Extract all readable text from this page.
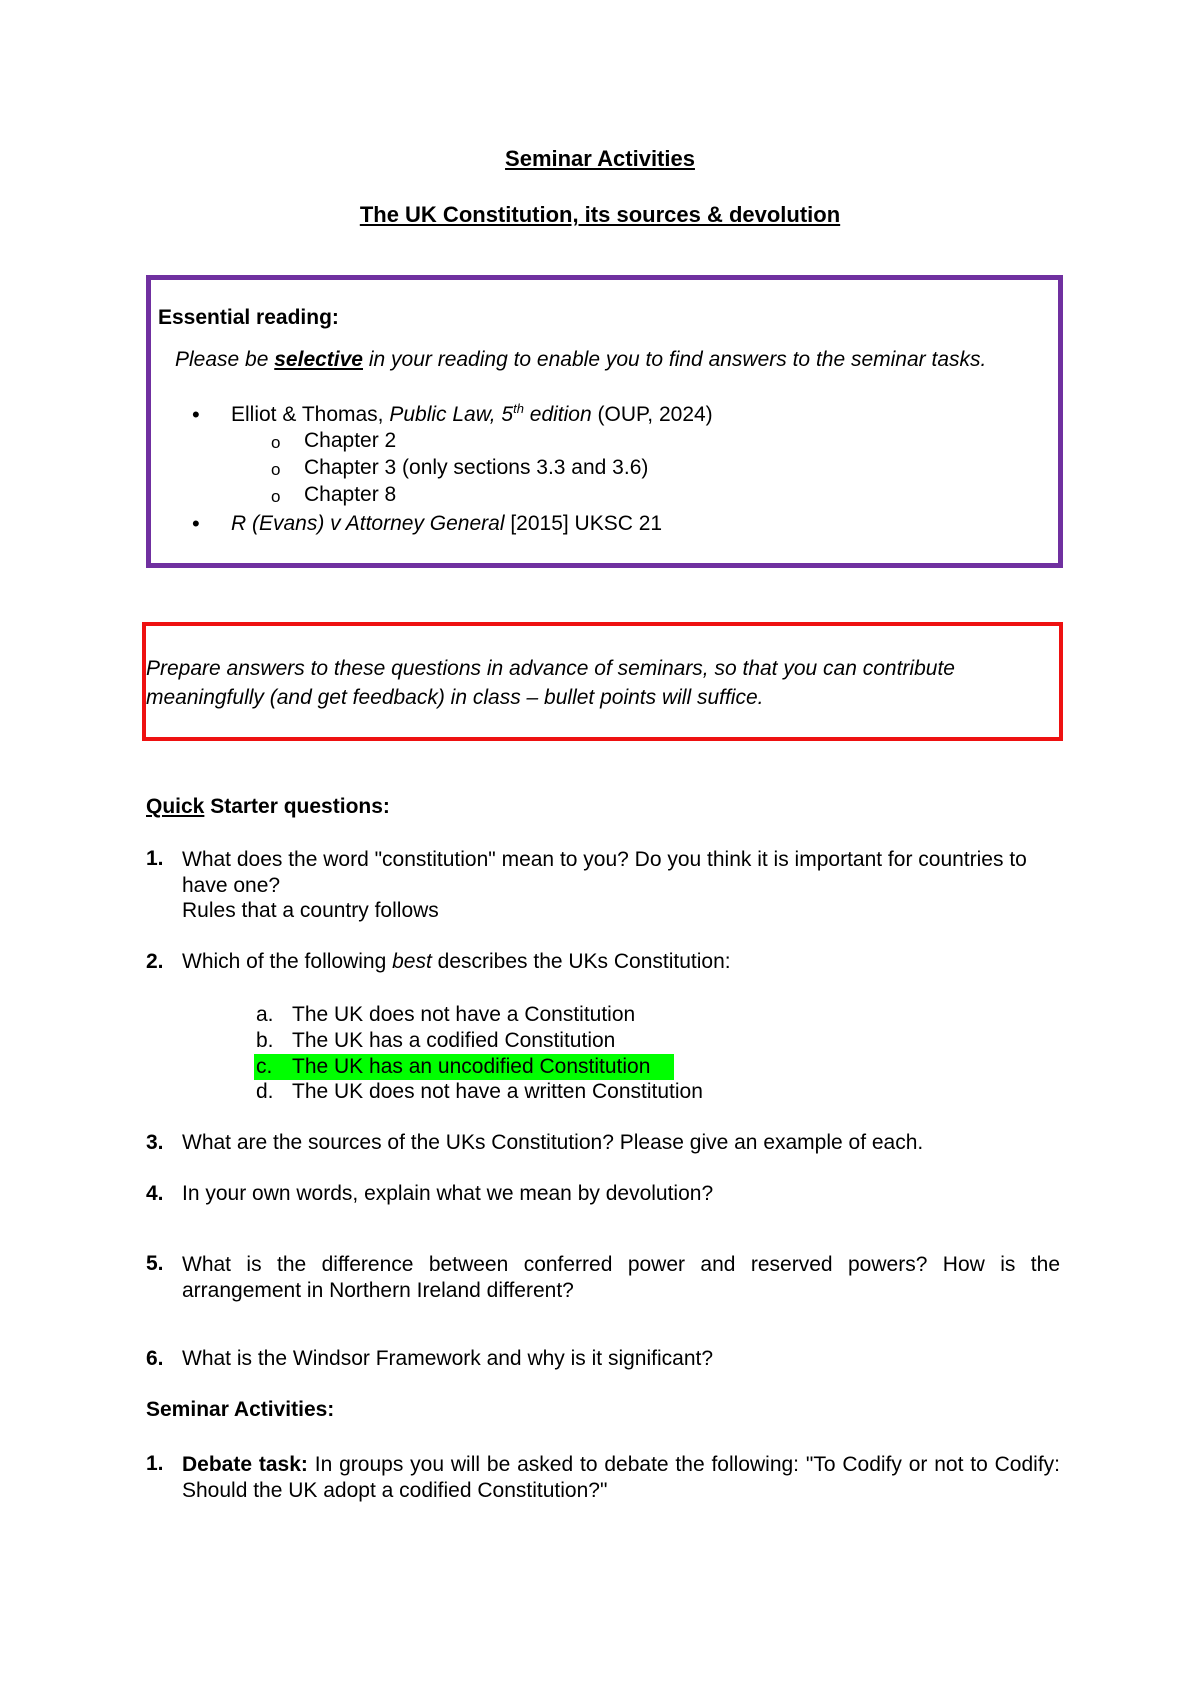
Seminar Activities
The UK Constitution, its sources & devolution
Essential reading:
Please be selective in your reading to enable you to find answers to the seminar tasks.
• Elliot & Thomas, Public Law, 5th edition (OUP, 2024)
o Chapter 2
o Chapter 3 (only sections 3.3 and 3.6)
o Chapter 8
• R (Evans) v Attorney General [2015] UKSC 21
Prepare answers to these questions in advance of seminars, so that you can contribute meaningfully (and get feedback) in class – bullet points will suffice.
Quick Starter questions:
1. What does the word "constitution" mean to you? Do you think it is important for countries to have one?
Rules that a country follows
2. Which of the following best describes the UKs Constitution:
a. The UK does not have a Constitution
b. The UK has a codified Constitution
c. The UK has an uncodified Constitution
d. The UK does not have a written Constitution
3. What are the sources of the UKs Constitution? Please give an example of each.
4. In your own words, explain what we mean by devolution?
5. What is the difference between conferred power and reserved powers? How is the arrangement in Northern Ireland different?
6. What is the Windsor Framework and why is it significant?
Seminar Activities:
1. Debate task: In groups you will be asked to debate the following: "To Codify or not to Codify: Should the UK adopt a codified Constitution?"
